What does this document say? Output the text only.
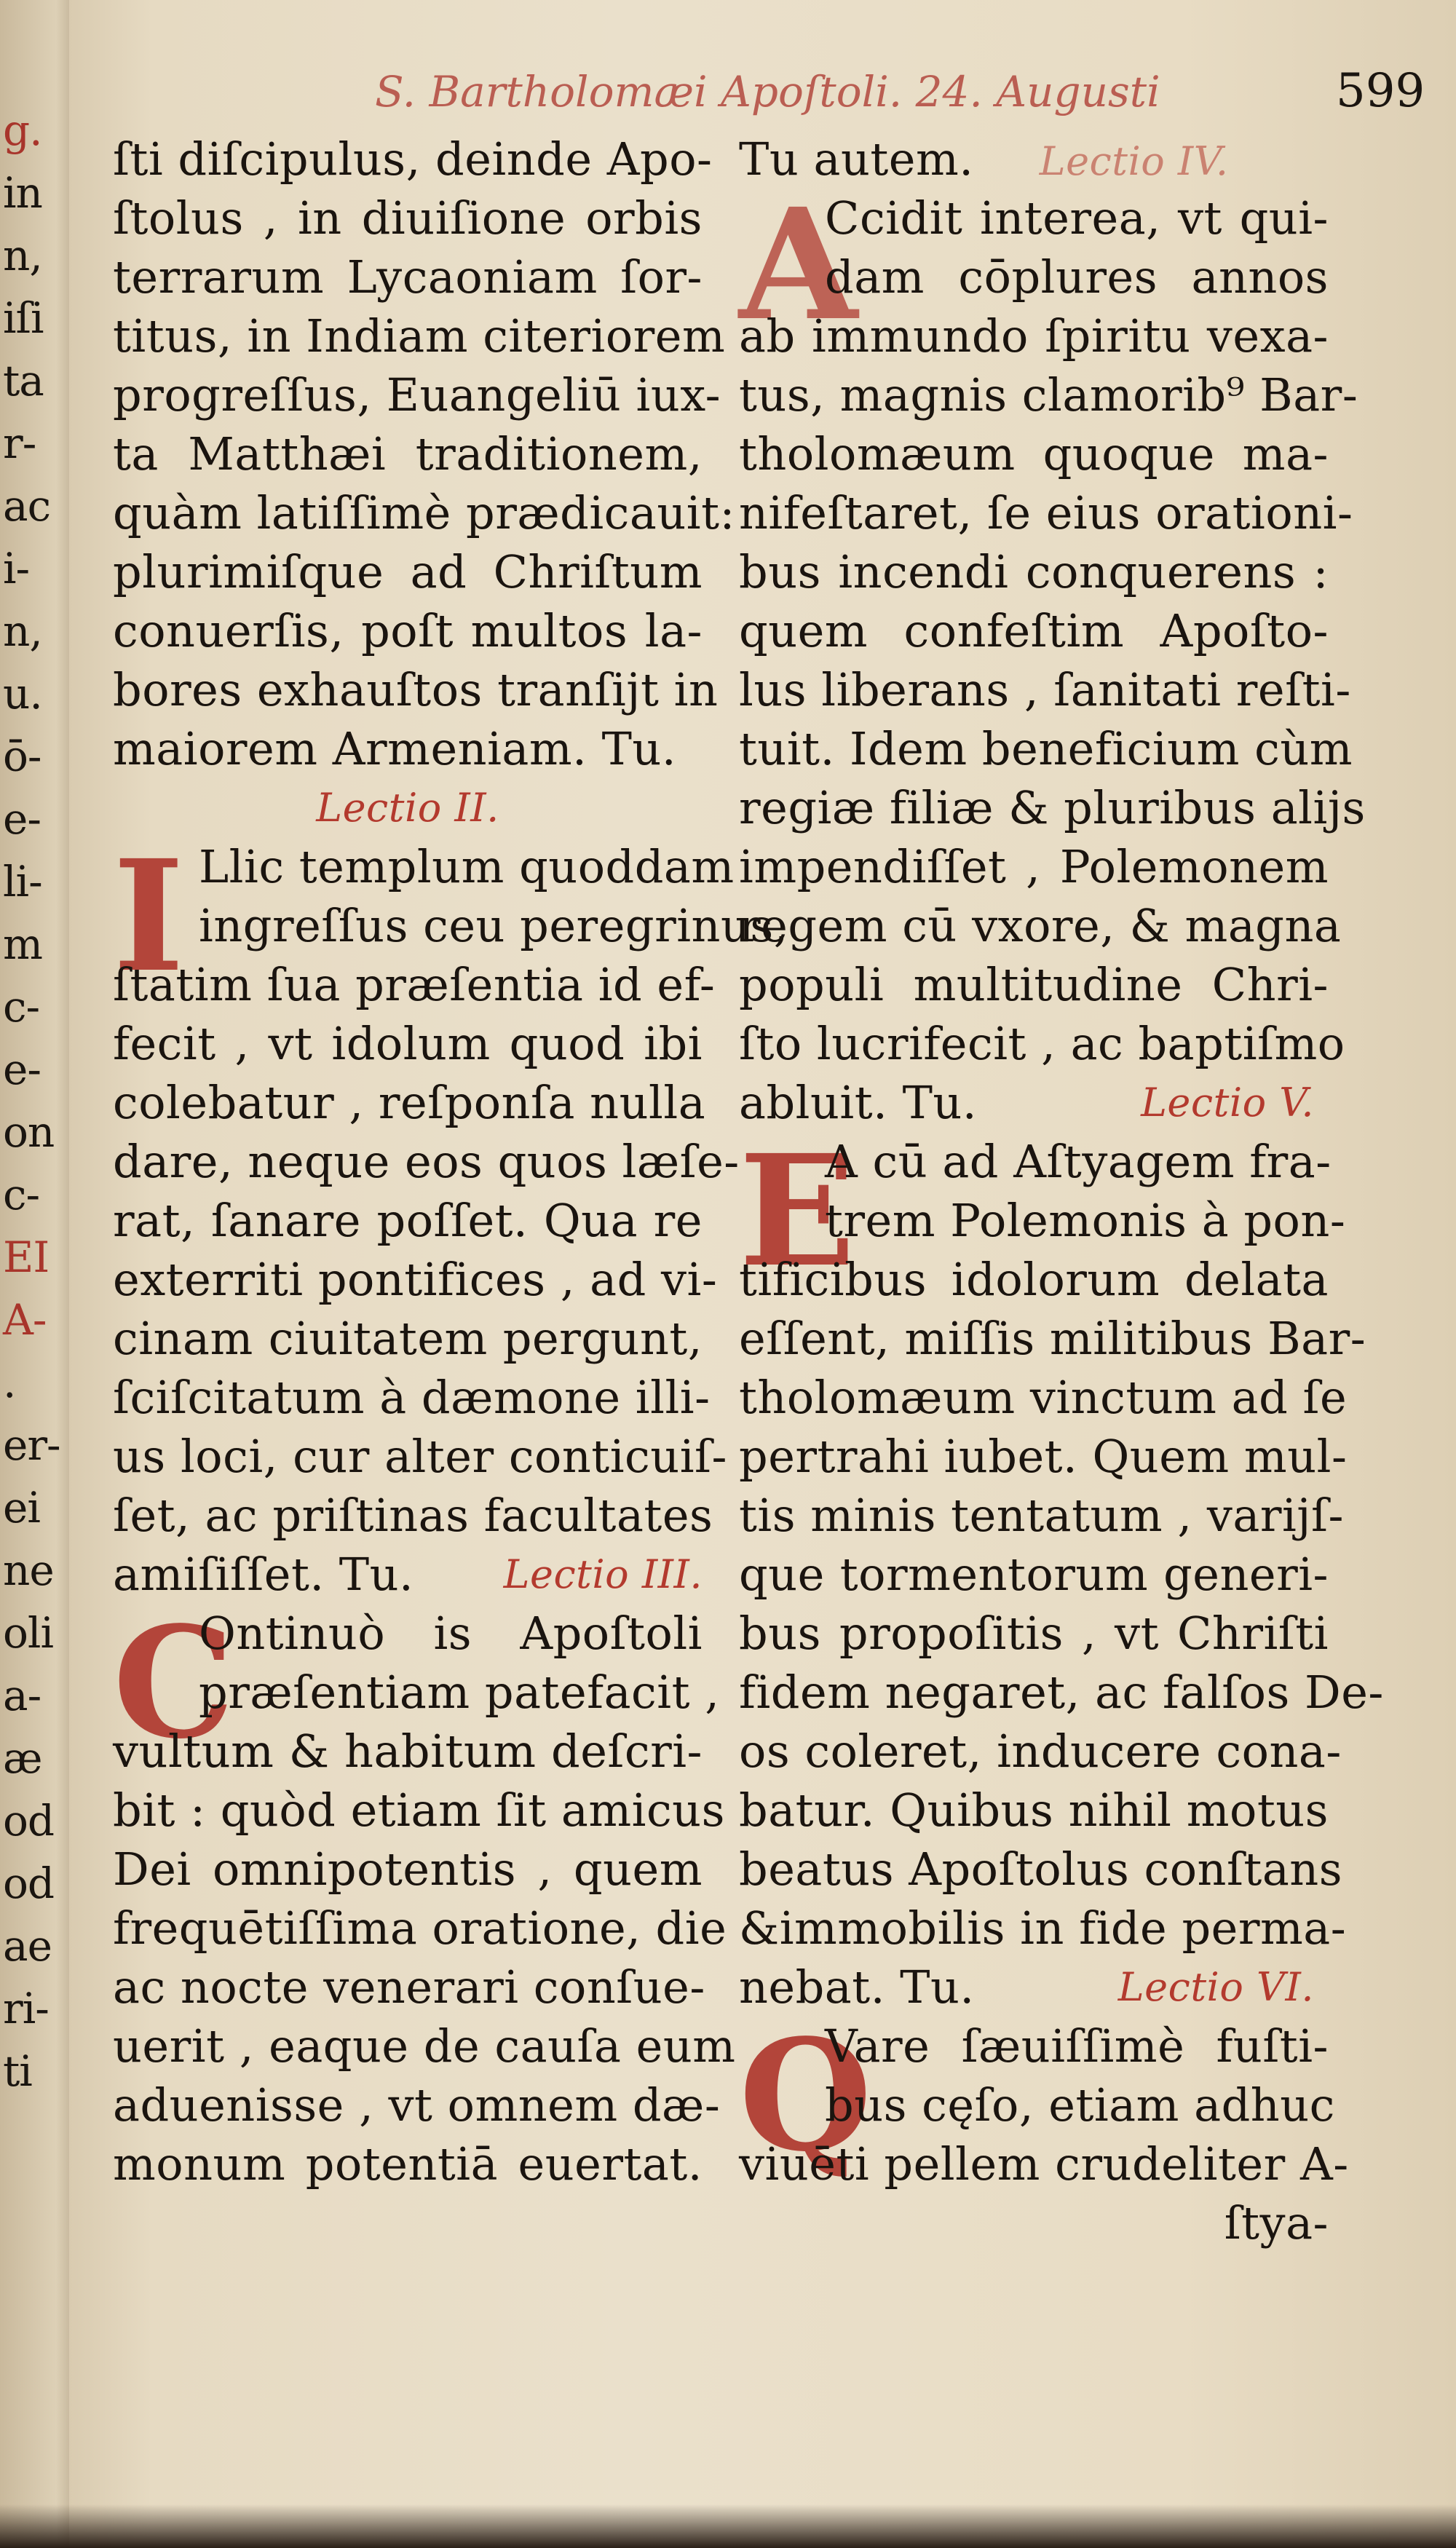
g.
in
n,
iſi
ta
r-
ac
i-
n,
u.
ō-
e-
li-
m
c-
e-
on
c-
EI
A-
.
er-
ei
ne
oli
a-
æ
od
od
ae
ri-
ti
S. Bartholomæi Apoſtoli. 24. Augusti	599
ſti diſcipulus, deinde Apo-
ſtolus , in diuiſione orbis
terrarum Lycaoniam ſor-
titus, in Indiam citeriorem
progreſſus, Euangeliū iux-
ta Matthæi traditionem,
quàm latiſſimè prædicauit:
plurimiſque ad Chriſtum
conuerſis, poſt multos la-
bores exhauſtos tranſijt in
maiorem Armeniam. Tu.
Lectio II.
I Llic templum quoddam
ingreſſus ceu peregrinus,
ſtatim ſua præſentia id ef-
fecit , vt idolum quod ibi
colebatur , reſponſa nulla
dare, neque eos quos læſe-
rat, ſanare poſſet. Qua re
exterriti pontifices , ad vi-
cinam ciuitatem pergunt,
ſciſcitatum à dæmone illi-
us loci, cur alter conticuiſ-
ſet, ac priſtinas facultates
amiſiſſet. Tu. Lectio III.
C
Ontinuò is Apoſtoli
præſentiam patefacit ,
vultum & habitum deſcri-
bit : quòd etiam ſit amicus
Dei omnipotentis , quem
frequētiſſima oratione, die
ac nocte venerari conſue-
uerit , eaque de cauſa eum
aduenisse , vt omnem dæ-
monum potentiā euertat.
Tu autem. Lectio IV.
A
Ccidit interea, vt qui-
dam cōplures annos
ab immundo ſpiritu vexa-
tus, magnis clamorib⁹ Bar-
tholomæum quoque ma-
nifeſtaret, ſe eius orationi-
bus incendi conquerens :
quem confeſtim Apoſto-
lus liberans , ſanitati reſti-
tuit. Idem beneficium cùm
regiæ filiæ & pluribus alijs
impendiſſet , Polemonem
regem cū vxore, & magna
populi multitudine Chri-
ſto lucrifecit , ac baptiſmo
abluit. Tu.	Lectio V.
E
A cū ad Aſtyagem fra-
trem Polemonis à pon-
tificibus idolorum delata
eſſent, miſſis militibus Bar-
tholomæum vinctum ad ſe
pertrahi iubet. Quem mul-
tis minis tentatum , varijſ-
que tormentorum generi-
bus propoſitis , vt Chriſti
fidem negaret, ac falſos De-
os coleret, inducere cona-
batur. Quibus nihil motus
beatus Apoſtolus conſtans
&immobilis in fide perma-
nebat. Tu.	Lectio VI.
Q
Vare ſæuiſſimè fuſti-
bus cęſo, etiam adhuc
viuēti pellem crudeliter A-
ſtya-
